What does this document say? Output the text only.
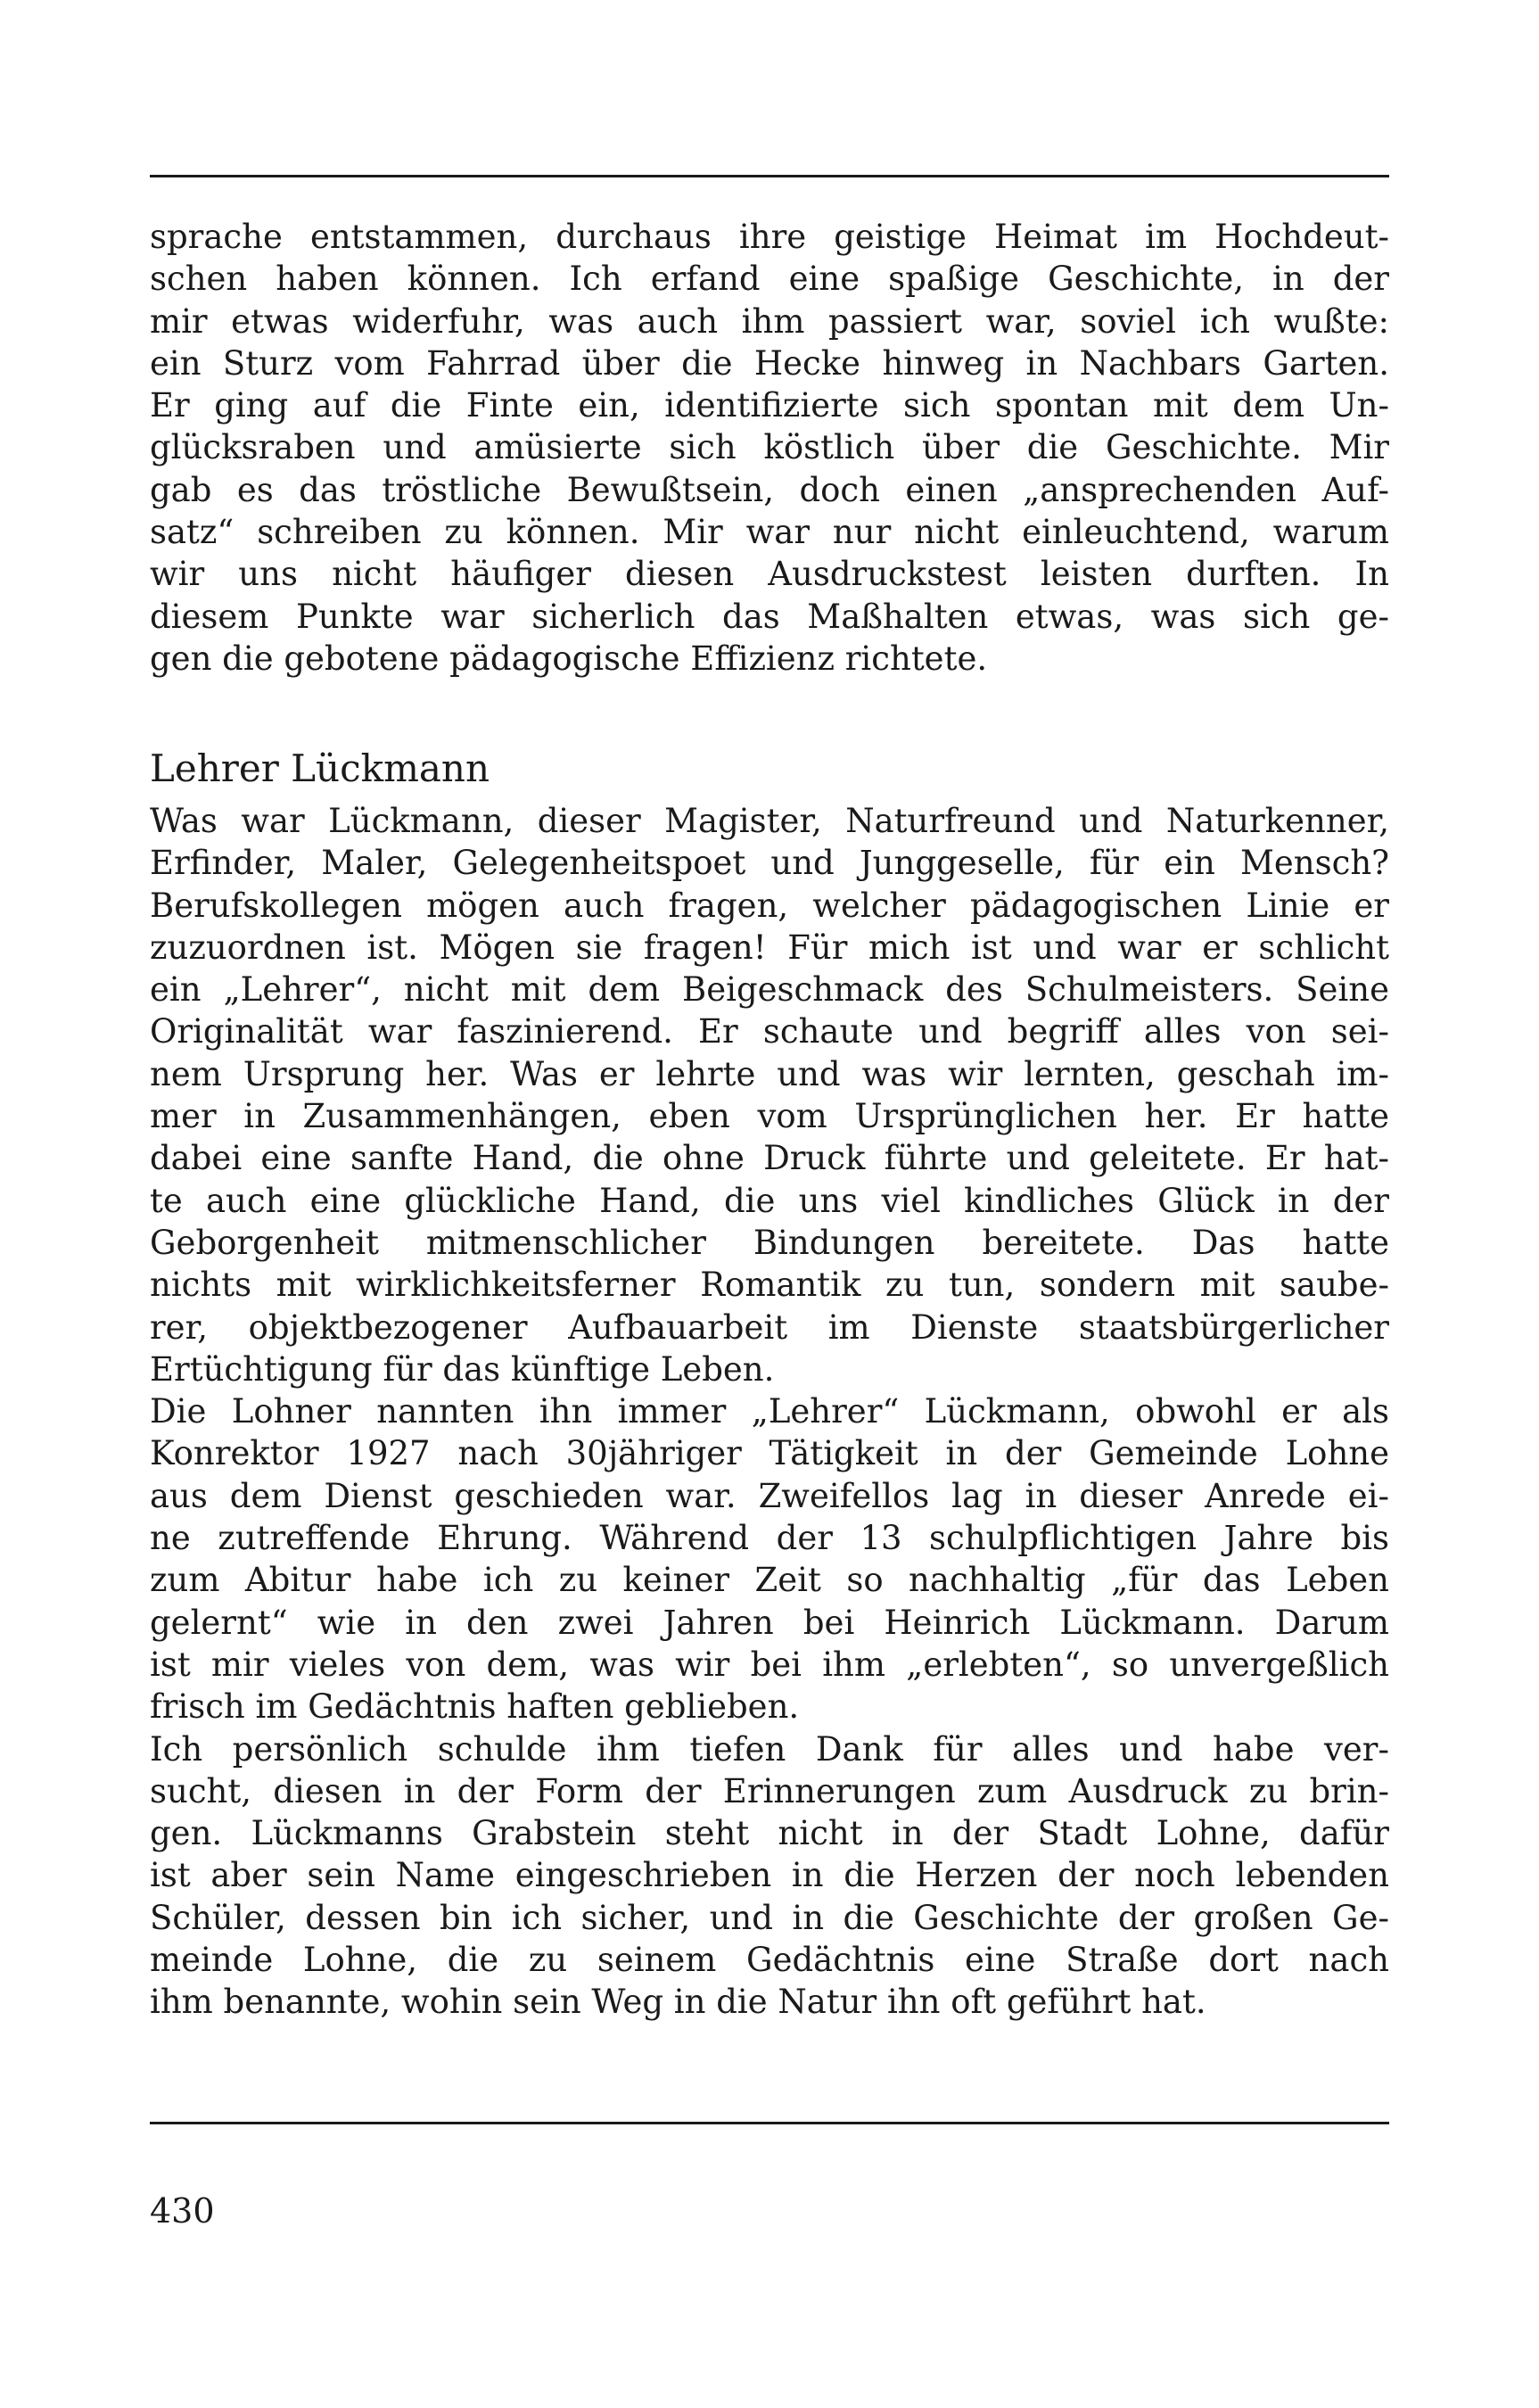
sprache entstammen, durchaus ihre geistige Heimat im Hochdeut-
schen haben können. Ich erfand eine spaßige Geschichte, in der
mir etwas widerfuhr, was auch ihm passiert war, soviel ich wußte:
ein Sturz vom Fahrrad über die Hecke hinweg in Nachbars Garten.
Er ging auf die Finte ein, identifizierte sich spontan mit dem Un-
glücksraben und amüsierte sich köstlich über die Geschichte. Mir
gab es das tröstliche Bewußtsein, doch einen „ansprechenden Auf-
satz“ schreiben zu können. Mir war nur nicht einleuchtend, warum
wir uns nicht häufiger diesen Ausdruckstest leisten durften. In
diesem Punkte war sicherlich das Maßhalten etwas, was sich ge-
gen die gebotene pädagogische Effizienz richtete.
Lehrer Lückmann
Was war Lückmann, dieser Magister, Naturfreund und Naturkenner,
Erfinder, Maler, Gelegenheitspoet und Junggeselle, für ein Mensch?
Berufskollegen mögen auch fragen, welcher pädagogischen Linie er
zuzuordnen ist. Mögen sie fragen! Für mich ist und war er schlicht
ein „Lehrer“, nicht mit dem Beigeschmack des Schulmeisters. Seine
Originalität war faszinierend. Er schaute und begriff alles von sei-
nem Ursprung her. Was er lehrte und was wir lernten, geschah im-
mer in Zusammenhängen, eben vom Ursprünglichen her. Er hatte
dabei eine sanfte Hand, die ohne Druck führte und geleitete. Er hat-
te auch eine glückliche Hand, die uns viel kindliches Glück in der
Geborgenheit mitmenschlicher Bindungen bereitete. Das hatte
nichts mit wirklichkeitsferner Romantik zu tun, sondern mit saube-
rer, objektbezogener Aufbauarbeit im Dienste staatsbürgerlicher
Ertüchtigung für das künftige Leben.
Die Lohner nannten ihn immer „Lehrer“ Lückmann, obwohl er als
Konrektor 1927 nach 30jähriger Tätigkeit in der Gemeinde Lohne
aus dem Dienst geschieden war. Zweifellos lag in dieser Anrede ei-
ne zutreffende Ehrung. Während der 13 schulpflichtigen Jahre bis
zum Abitur habe ich zu keiner Zeit so nachhaltig „für das Leben
gelernt“ wie in den zwei Jahren bei Heinrich Lückmann. Darum
ist mir vieles von dem, was wir bei ihm „erlebten“, so unvergeßlich
frisch im Gedächtnis haften geblieben.
Ich persönlich schulde ihm tiefen Dank für alles und habe ver-
sucht, diesen in der Form der Erinnerungen zum Ausdruck zu brin-
gen. Lückmanns Grabstein steht nicht in der Stadt Lohne, dafür
ist aber sein Name eingeschrieben in die Herzen der noch lebenden
Schüler, dessen bin ich sicher, und in die Geschichte der großen Ge-
meinde Lohne, die zu seinem Gedächtnis eine Straße dort nach
ihm benannte, wohin sein Weg in die Natur ihn oft geführt hat.

430
